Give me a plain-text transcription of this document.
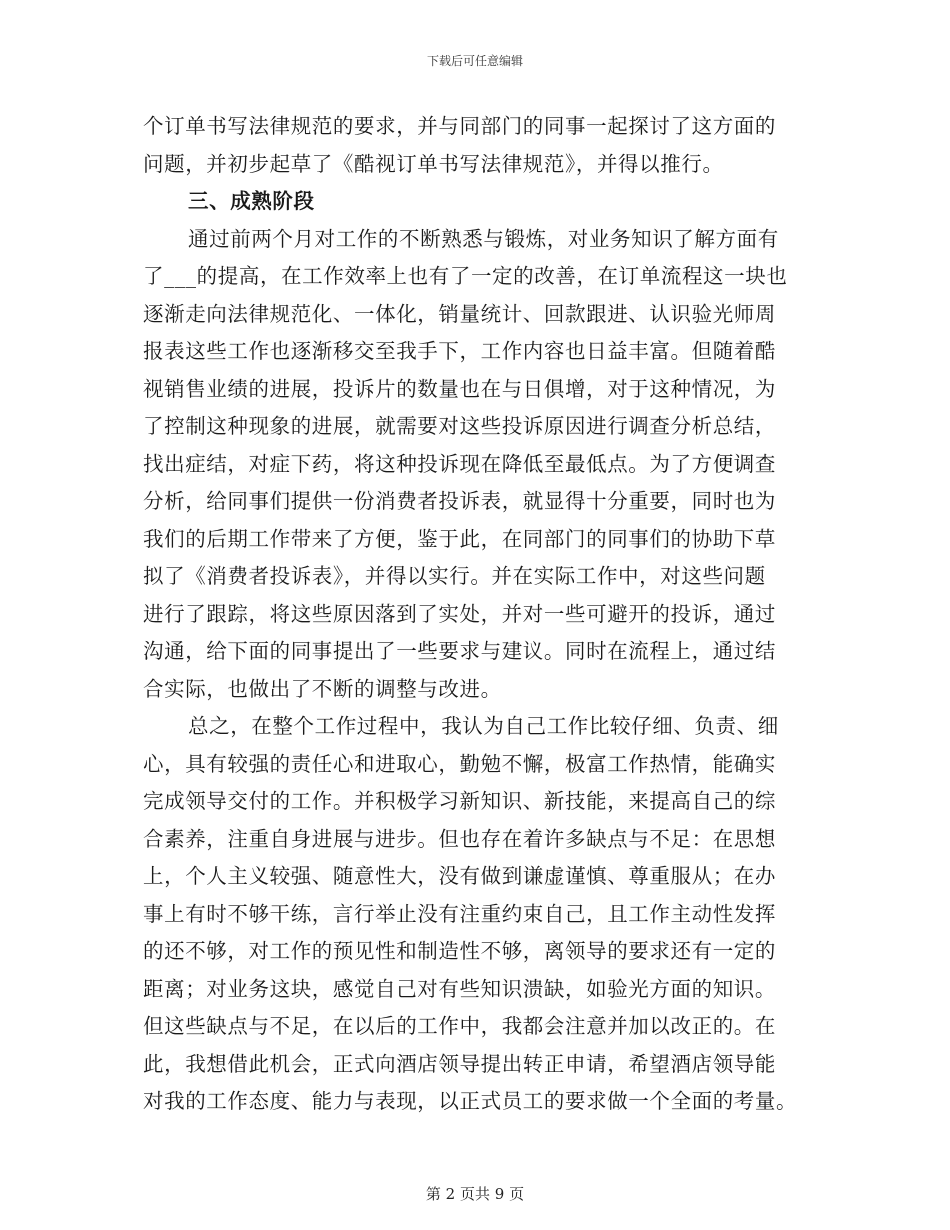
下载后可任意编辑
个订单书写法律规范的要求，并与同部门的同事一起探讨了这方面的
问题，并初步起草了《酷视订单书写法律规范》，并得以推行。
三、成熟阶段
通过前两个月对工作的不断熟悉与锻炼，对业务知识了解方面有
了___的提高，在工作效率上也有了一定的改善，在订单流程这一块也
逐渐走向法律规范化、一体化，销量统计、回款跟进、认识验光师周
报表这些工作也逐渐移交至我手下，工作内容也日益丰富。但随着酷
视销售业绩的进展，投诉片的数量也在与日俱增，对于这种情况，为
了控制这种现象的进展，就需要对这些投诉原因进行调查分析总结，
找出症结，对症下药，将这种投诉现在降低至最低点。为了方便调查
分析，给同事们提供一份消费者投诉表，就显得十分重要，同时也为
我们的后期工作带来了方便，鉴于此，在同部门的同事们的协助下草
拟了《消费者投诉表》，并得以实行。并在实际工作中，对这些问题
进行了跟踪，将这些原因落到了实处，并对一些可避开的投诉，通过
沟通，给下面的同事提出了一些要求与建议。同时在流程上，通过结
合实际，也做出了不断的调整与改进。
总之，在整个工作过程中，我认为自己工作比较仔细、负责、细
心，具有较强的责任心和进取心，勤勉不懈，极富工作热情，能确实
完成领导交付的工作。并积极学习新知识、新技能，来提高自己的综
合素养，注重自身进展与进步。但也存在着许多缺点与不足：在思想
上，个人主义较强、随意性大，没有做到谦虚谨慎、尊重服从；在办
事上有时不够干练，言行举止没有注重约束自己，且工作主动性发挥
的还不够，对工作的预见性和制造性不够，离领导的要求还有一定的
距离；对业务这块，感觉自己对有些知识溃缺，如验光方面的知识。
但这些缺点与不足，在以后的工作中，我都会注意并加以改正的。在
此，我想借此机会，正式向酒店领导提出转正申请，希望酒店领导能
对我的工作态度、能力与表现，以正式员工的要求做一个全面的考量。
第 2 页共 9 页
